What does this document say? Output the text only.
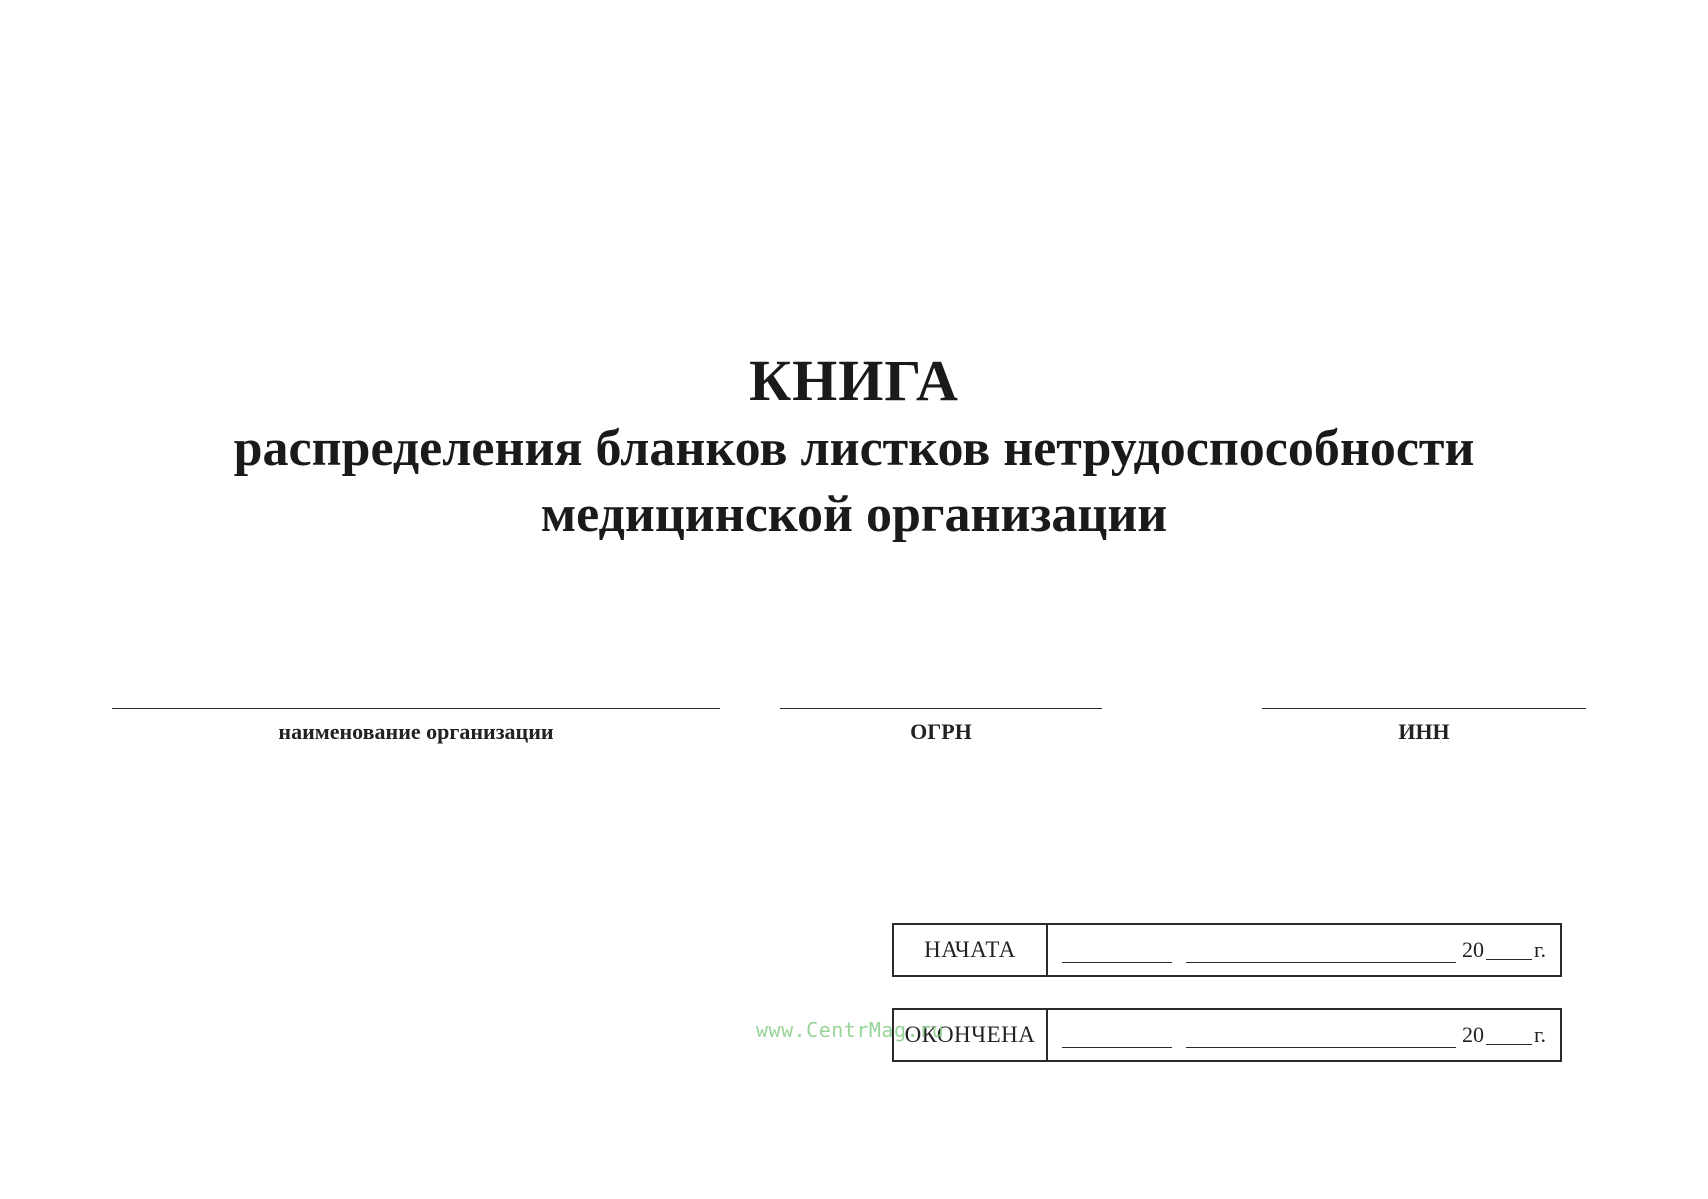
КНИГА

распределения бланков листков нетрудоспособности

медицинской организации

наименование организации	ОГРН	ИНН
НАЧАТА	20 г.
ОКОНЧЕНА	20 г.
www.CentrMag.ru
